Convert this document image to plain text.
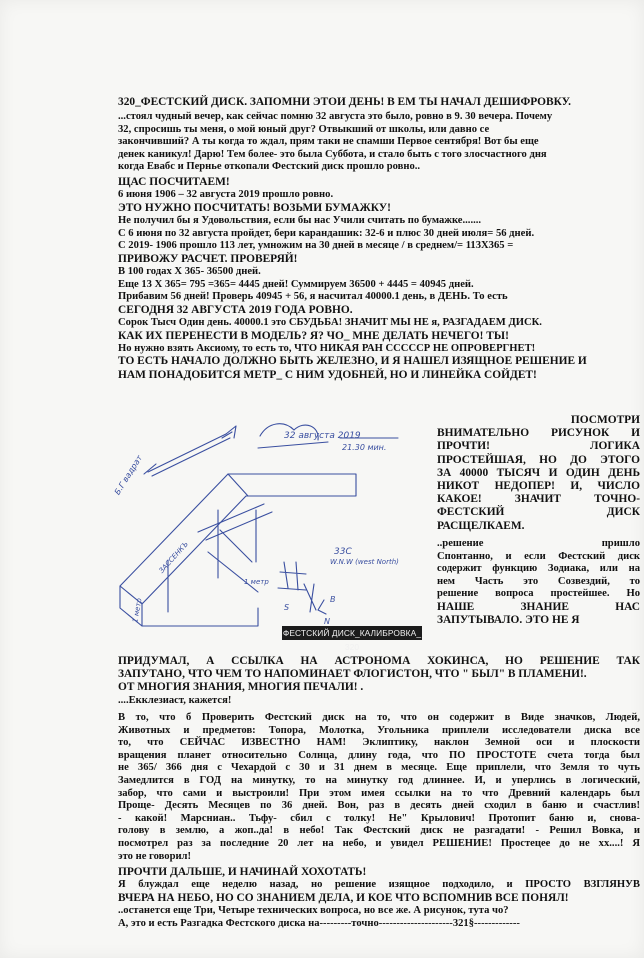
320_ФЕСТСКИЙ ДИСК. ЗАПОМНИ ЭТОИ ДЕНЬ! В ЕМ ТЫ НАЧАЛ ДЕШИФРОВКУ.

...стоял чудный вечер, как сейчас помню 32 августа это было, ровно в 9. 30 вечера. Почему
32, спросишь ты меня, о мой юный друг? Отвыкший от школы, или давно се
закончивший? А ты когда то ждал, прям таки не спамши Первое сентября! Вот бы еще
денек каникул! Дарю! Тем более- это была Суббота, и стало быть с того злосчастного дня
когда Евабс и Пернье откопали Фестский диск прошло ровно..
ЩАС ПОСЧИТАЕМ!
6 июня 1906 – 32 августа 2019 прошло ровно.
ЭТО НУЖНО ПОСЧИТАТЬ! ВОЗЬМИ БУМАЖКУ!
Не получил бы я Удовольствия, если бы нас Учили считать по бумажке.......
С 6 июня по 32 августа пройдет, бери карандашик: 32-6 и плюс 30 дней июля= 56 дней.
С 2019- 1906 прошло 113 лет, умножим на 30 дней в месяце / в среднем/= 113Х365 =
ПРИВОЖУ РАСЧЕТ. ПРОВЕРЯЙ!
В 100 годах Х 365- 36500 дней.
Еще 13 Х 365= 795 =365= 4445 дней! Суммируем 36500 + 4445 = 40945 дней.
Прибавим 56 дней! Проверь 40945 + 56, я насчитал 40000.1 день, в ДЕНЬ. То есть
СЕГОДНЯ 32 АВГУСТА 2019 ГОДА РОВНО.
Сорок Тысч Один день. 40000.1 это СБУДЬБА! ЗНАЧИТ МЫ НЕ я, РАЗГАДАЕМ ДИСК.
КАК ИХ ПЕРЕНЕСТИ В МОДЕЛЬ? Я? ЧО_ МНЕ ДЕЛАТЬ НЕЧЕГО! ТЫ!
Но нужно взять Аксиому, то есть то, ЧТО НИКАЯ РАН СССССР НЕ ОПРОВЕРГНЕТ!
ТО ЕСТЬ НАЧАЛО ДОЛЖНО БЫТЬ ЖЕЛЕЗНО, И Я НАШЕЛ ИЗЯЩНОЕ РЕШЕНИЕ И
НАМ ПОНАДОБИТСЯ МЕТР_ С НИМ УДОБНЕЙ, НО И ЛИНЕЙКА СОЙДЕТ!
32 августа 2019
21.30 мин.
Б.Г вадрат
33С
W.N.W (west North)
1 метр
N
S
В
ЗАССЕНКЪ
1 метр
ФЕСТСКИЙ ДИСК_КАЛИБРОВКА_ 320
ПОСМОТРИ
ВНИМАТЕЛЬНО РИСУНОК И
ПРОЧТИ! ЛОГИКА
ПРОСТЕЙШАЯ, НО ДО ЭТОГО
ЗА 40000 ТЫСЯЧ И ОДИН ДЕНЬ
НИКОТ НЕДОПЕР! И, ЧИСЛО
КАКОЕ! ЗНАЧИТ ТОЧНО-
ФЕСТСКИЙ ДИСК
РАСЩЕЛКАЕМ.
..решение пришло
Спонтанно, и если Фестский диск
содержит функцию Зодиака, или на
нем Часть это Созвездий, то
решение вопроса простейшее. Но
НАШЕ ЗНАНИЕ НАС
ЗАПУТЫВАЛО. ЭТО НЕ Я
ПРИДУМАЛ, А ССЫЛКА НА АСТРОНОМА ХОКИНСА, НО РЕШЕНИЕ ТАК
ЗАПУТАНО, ЧТО ЧЕМ ТО НАПОМИНАЕТ ФЛОГИСТОН, ЧТО " БЫЛ" В ПЛАМЕНИ!.
ОТ МНОГИЯ ЗНАНИЯ, МНОГИЯ ПЕЧАЛИ! .
....Екклезиаст, кажется!
В то, что б Проверить Фестский диск на то, что он содержит в Виде значков, Людей,
Животных и предметов: Топора, Молотка, Угольника приплели исследователи диска все
то, что СЕЙЧАС ИЗВЕСТНО НАМ! Эклиптику, наклон Земной оси и плоскости
вращения планет относительно Солнца, длину года, что ПО ПРОСТОТЕ счета тогда был
не 365/ 366 дня с Чехардой с 30 и 31 днем в месяце. Еще приплели, что Земля то чуть
Замедлится в ГОД на минутку, то на минутку год длиннее. И, и уперлись в логический,
забор, что сами и выстроили! При этом имея ссылки на то что Древний календарь был
Проще- Десять Месяцев по 36 дней. Вон, раз в десять дней сходил в баню и счастлив!
- какой! Марсниан.. Тьфу- сбил с толку! Не" Крылович! Протопит баню и, снова-
голову в землю, а жоп..да! в небо! Так Фестский диск не разгадати! - Решил Вовка, и
посмотрел раз за последние 20 лет на небо, и увидел РЕШЕНИЕ! Простецее до не хх....! Я
это не говорил!
ПРОЧТИ ДАЛЬШЕ, И НАЧИНАЙ ХОХОТАТЬ!
Я блуждал еще неделю назад, но решение изящное подходило, и ПРОСТО ВЗГЛЯНУВ
ВЧЕРА НА НЕБО, НО СО ЗНАНИЕМ ДЕЛА, И КОЕ ЧТО ВСПОМНИВ ВСЕ ПОНЯЛ!
..останется еще Три, Четыре технических вопроса, но все же. А рисунок, тута чо?
А, это и есть Разгадка Фестского диска на---------точно---------------------321§-------------
